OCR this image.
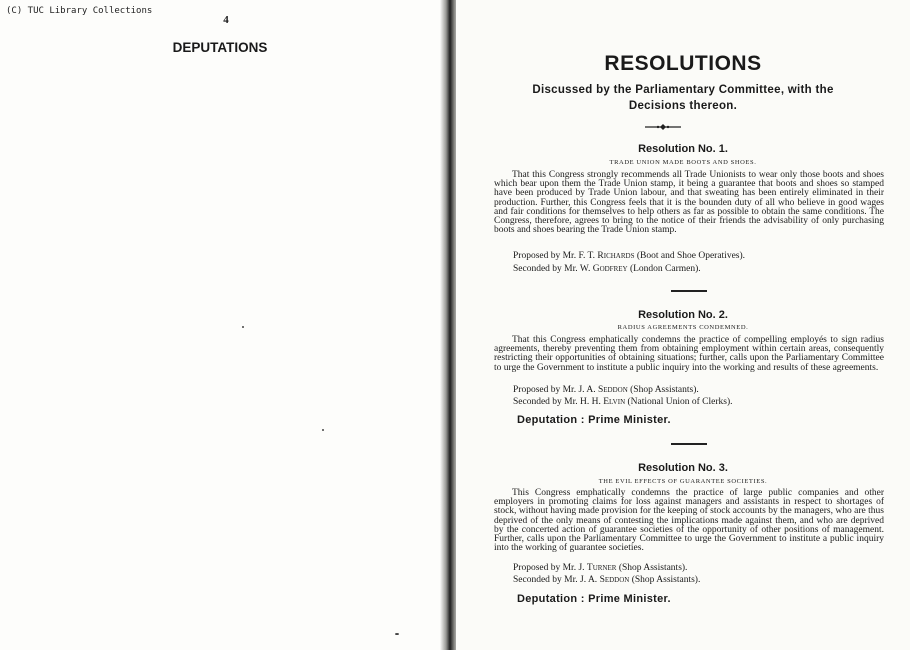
(C) TUC Library Collections
4
DEPUTATIONS
RESOLUTIONS
Discussed by the Parliamentary Committee, with the
Decisions thereon.
Resolution No. 1.
TRADE UNION MADE BOOTS AND SHOES.
That this Congress strongly recommends all Trade Unionists to wear only those boots and shoes which bear upon them the Trade Union stamp, it being a guarantee that boots and shoes so stamped have been produced by Trade Union labour, and that sweating has been entirely eliminated in their production. Further, this Congress feels that it is the bounden duty of all who believe in good wages and fair conditions for themselves to help others as far as possible to obtain the same conditions. The Congress, therefore, agrees to bring to the notice of their friends the advisability of only purchasing boots and shoes bearing the Trade Union stamp.
Proposed by Mr. F. T. Richards (Boot and Shoe Operatives).
Seconded by Mr. W. Godfrey (London Carmen).
Resolution No. 2.
RADIUS AGREEMENTS CONDEMNED.
That this Congress emphatically condemns the practice of compelling employés to sign radius agreements, thereby preventing them from obtaining employment within certain areas, consequently restricting their opportunities of obtaining situations; further, calls upon the Parliamentary Committee to urge the Government to institute a public inquiry into the working and results of these agreements.
Proposed by Mr. J. A. Seddon (Shop Assistants).
Seconded by Mr. H. H. Elvin (National Union of Clerks).
Deputation : Prime Minister.
Resolution No. 3.
THE EVIL EFFECTS OF GUARANTEE SOCIETIES.
This Congress emphatically condemns the practice of large public companies and other employers in promoting claims for loss against managers and assistants in respect to shortages of stock, without having made provision for the keeping of stock accounts by the managers, who are thus deprived of the only means of contesting the implications made against them, and who are deprived by the concerted action of guarantee societies of the opportunity of other positions of management. Further, calls upon the Parliamentary Committee to urge the Government to institute a public inquiry into the working of guarantee societies.
Proposed by Mr. J. Turner (Shop Assistants).
Seconded by Mr. J. A. Seddon (Shop Assistants).
Deputation : Prime Minister.
